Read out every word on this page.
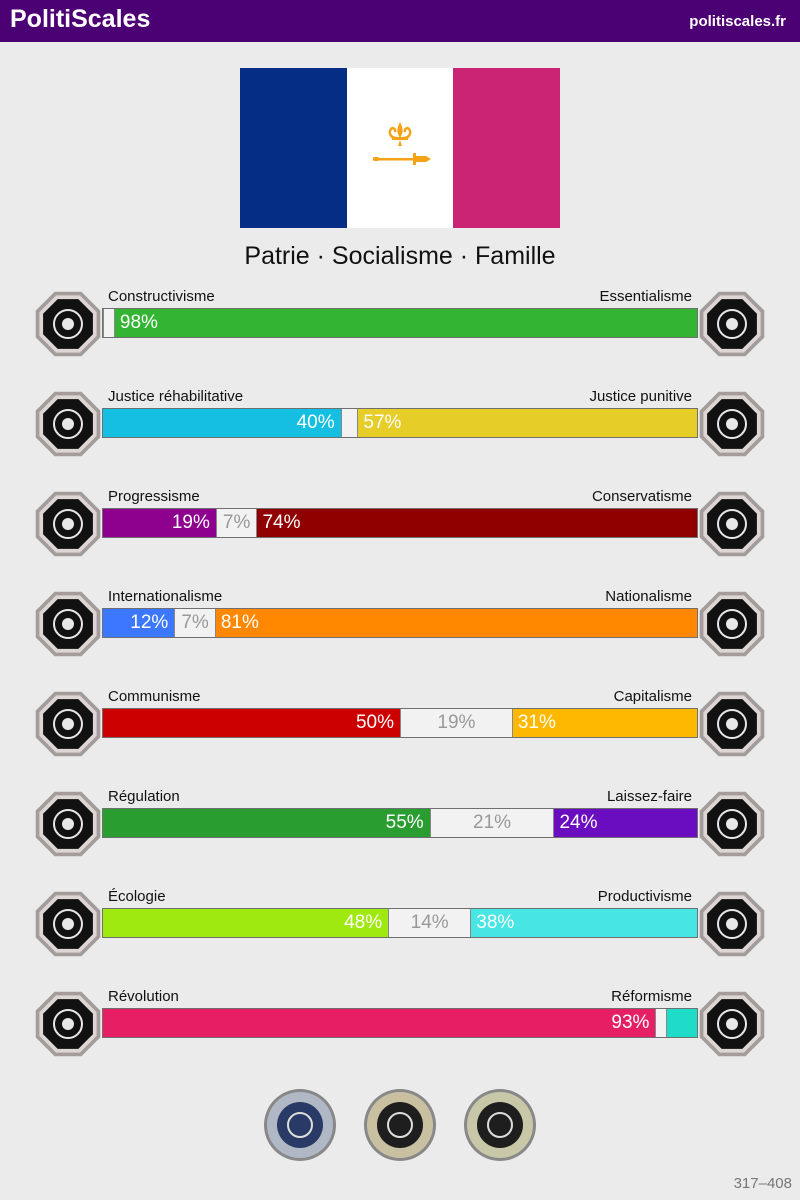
PolitiScales	politiscales.fr
Patrie · Socialisme · Famille
Constructivisme	Essentialisme
98%
Justice réhabilitative	Justice punitive
40% 57%
Progressisme	Conservatisme
19% 7% 74%
Internationalisme	Nationalisme
12% 7% 81%
Communisme	Capitalisme
50%	19%	31%
Régulation	Laissez-faire
55%	21%	24%
Écologie	Productivisme
48%	14%	38%
Révolution	Réformisme
93%
317–408
